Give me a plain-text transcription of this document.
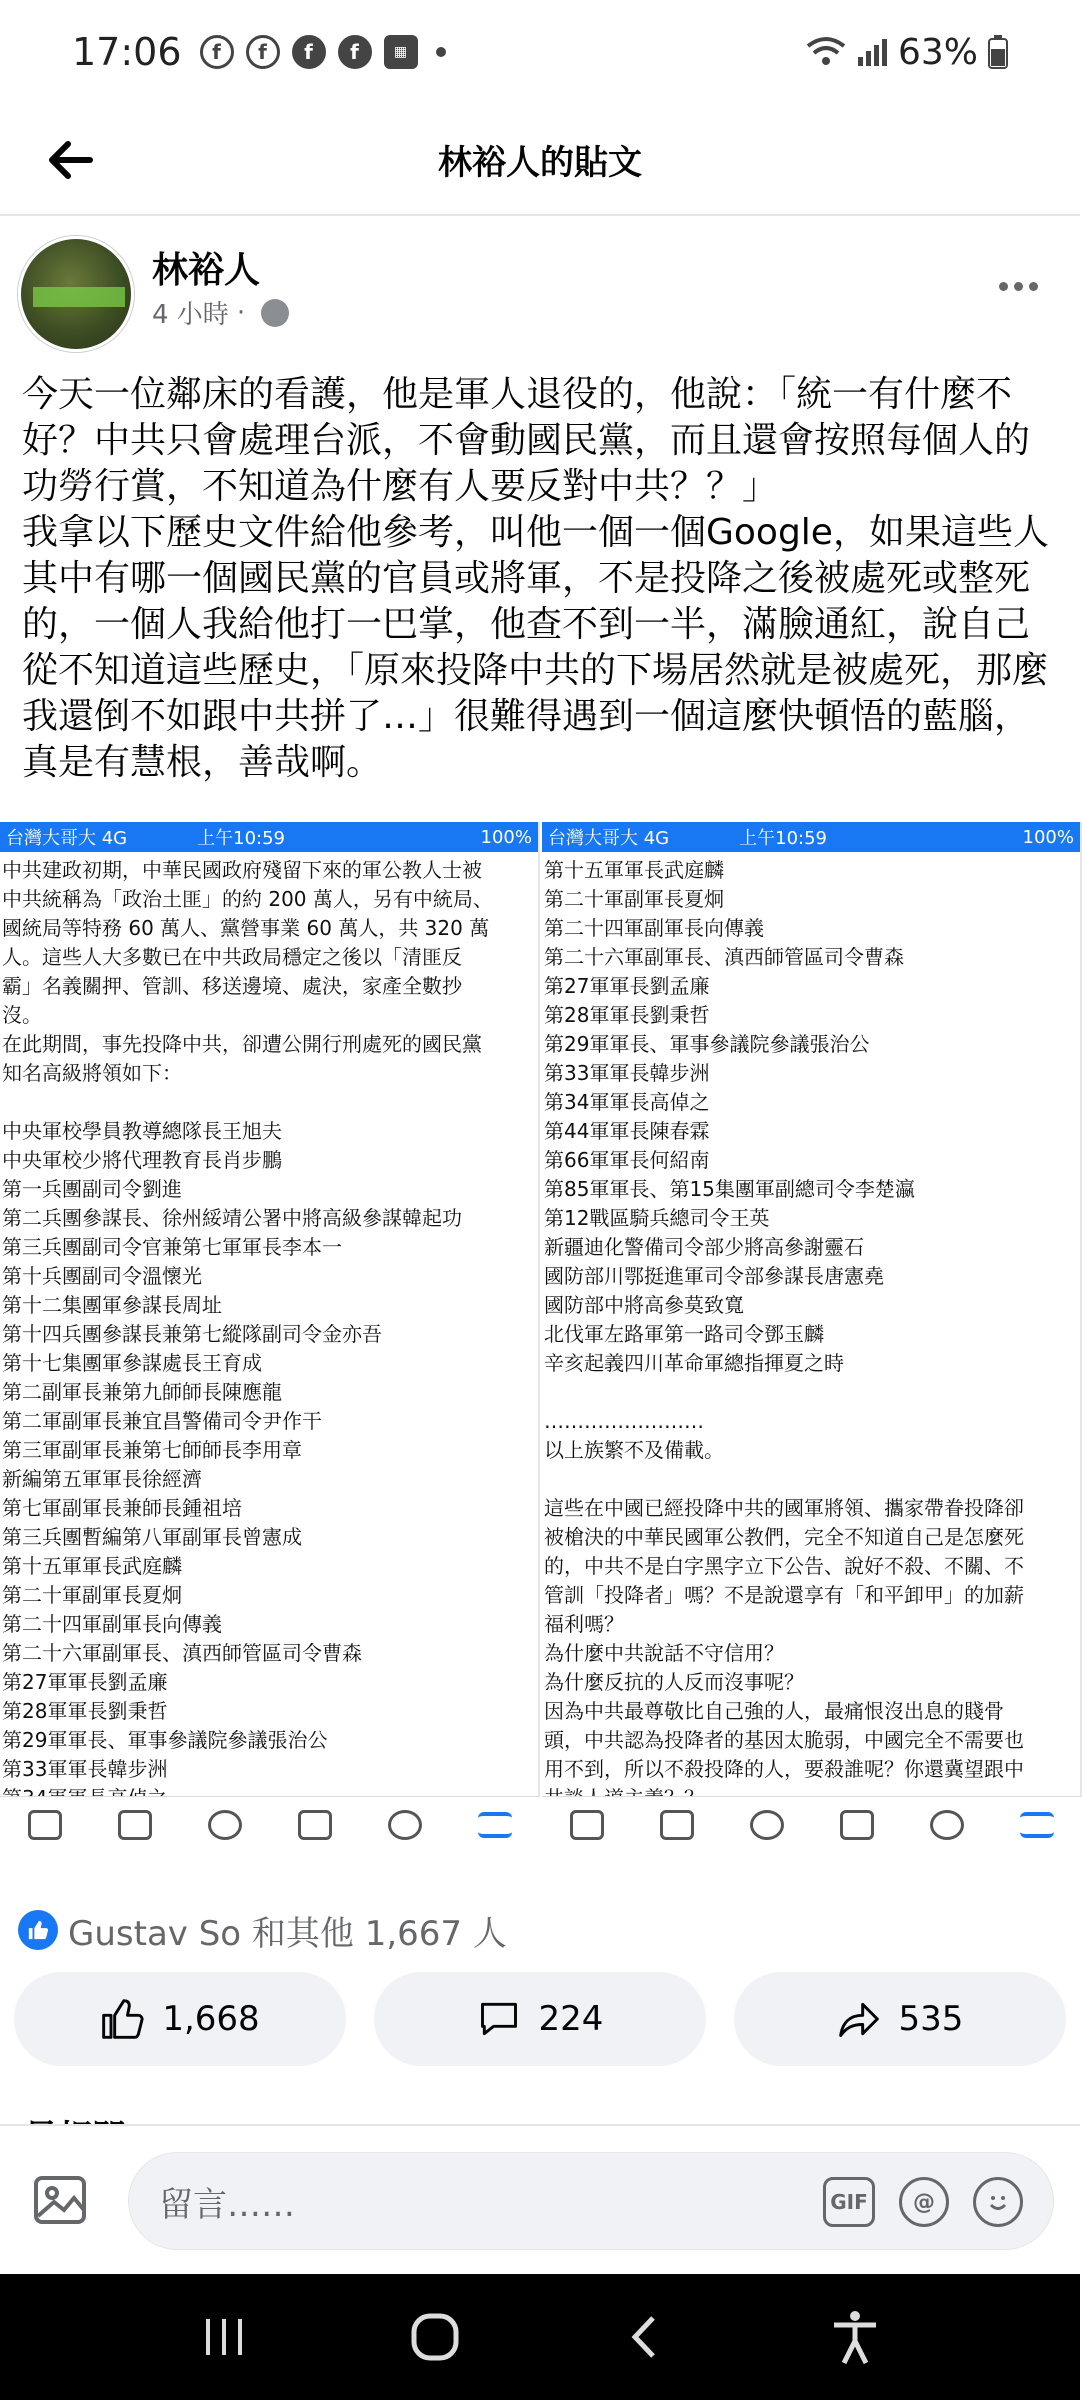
17:06	f	f	f	f	▦	63%
林裕人的貼文
林裕人
4 小時 ·
今天一位鄰床的看護，他是軍人退役的，他說：「統一有什麼不好？中共只會處理台派，不會動國民黨，而且還會按照每個人的功勞行賞，不知道為什麼有人要反對中共？？」
我拿以下歷史文件給他參考，叫他一個一個Google，如果這些人其中有哪一個國民黨的官員或將軍，不是投降之後被處死或整死的，一個人我給他打一巴掌，他查不到一半，滿臉通紅，說自己從不知道這些歷史，「原來投降中共的下場居然就是被處死，那麼我還倒不如跟中共拼了…」很難得遇到一個這麼快頓悟的藍腦，真是有慧根，善哉啊。
台灣大哥大 4G	上午10:59	100%
中共建政初期，中華民國政府殘留下來的軍公教人士被
中共統稱為「政治土匪」的約 200 萬人，另有中統局、
國統局等特務 60 萬人、黨營事業 60 萬人，共 320 萬
人。這些人大多數已在中共政局穩定之後以「清匪反
霸」名義關押、管訓、移送邊境、處決，家產全數抄
沒。
在此期間，事先投降中共，卻遭公開行刑處死的國民黨
知名高級將領如下：
中央軍校學員教導總隊長王旭夫
中央軍校少將代理教育長肖步鵬
第一兵團副司令劉進
第二兵團參謀長、徐州綏靖公署中將高級參謀韓起功
第三兵團副司令官兼第七軍軍長李本一
第十兵團副司令溫懷光
第十二集團軍參謀長周址
第十四兵團參謀長兼第七縱隊副司令金亦吾
第十七集團軍參謀處長王育成
第二副軍長兼第九師師長陳應龍
第二軍副軍長兼宜昌警備司令尹作干
第三軍副軍長兼第七師師長李用章
新編第五軍軍長徐經濟
第七軍副軍長兼師長鍾祖培
第三兵團暫編第八軍副軍長曾憲成
第十五軍軍長武庭麟
第二十軍副軍長夏炯
第二十四軍副軍長向傳義
第二十六軍副軍長、滇西師管區司令曹森
第27軍軍長劉孟廉
第28軍軍長劉秉哲
第29軍軍長、軍事參議院參議張治公
第33軍軍長韓步洲
台灣大哥大 4G	上午10:59	100%
第十五軍軍長武庭麟
第二十軍副軍長夏炯
第二十四軍副軍長向傳義
第二十六軍副軍長、滇西師管區司令曹森
第27軍軍長劉孟廉
第28軍軍長劉秉哲
第29軍軍長、軍事參議院參議張治公
第33軍軍長韓步洲
第34軍軍長高倬之
第44軍軍長陳春霖
第66軍軍長何紹南
第85軍軍長、第15集團軍副總司令李楚瀛
第12戰區騎兵總司令王英
新疆迪化警備司令部少將高參謝靈石
國防部川鄂挺進軍司令部參謀長唐憲堯
國防部中將高參莫致寬
北伐軍左路軍第一路司令鄧玉麟
辛亥起義四川革命軍總指揮夏之時
……………………
以上族繁不及備載。
這些在中國已經投降中共的國軍將領、攜家帶眷投降卻
被槍決的中華民國軍公教們，完全不知道自己是怎麼死
的，中共不是白字黑字立下公告、說好不殺、不關、不
管訓「投降者」嗎？不是說還享有「和平卸甲」的加薪
福利嗎？
為什麼中共說話不守信用？
為什麼反抗的人反而沒事呢？
因為中共最尊敬比自己強的人，最痛恨沒出息的賤骨
頭，中共認為投降者的基因太脆弱，中國完全不需要也
用不到，所以不殺投降的人，要殺誰呢？你還冀望跟中
Gustav So 和其他 1,667 人
1,668	224	535
留言……	GIF	@
